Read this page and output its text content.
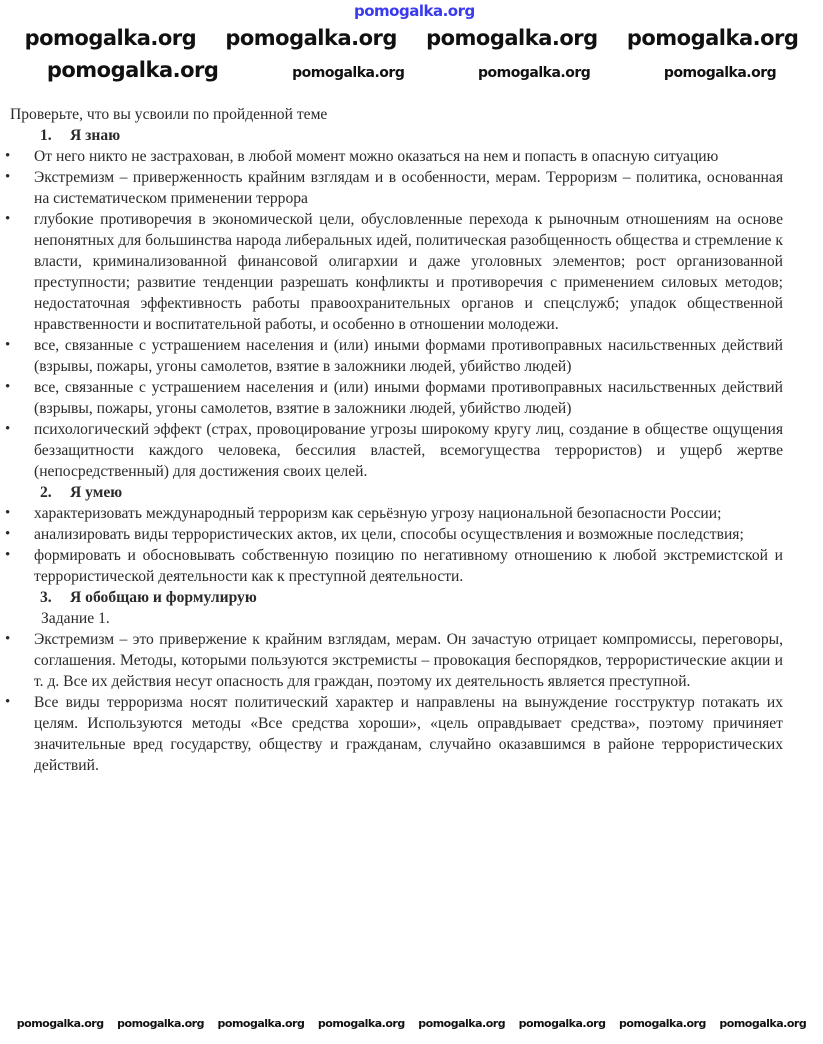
pomogalka.org
pomogalka.org pomogalka.org pomogalka.org pomogalka.org
pomogalka.org	pomogalka.org	pomogalka.org	pomogalka.org
Проверьте, что вы усвоили по пройденной теме
1. Я знаю
• От него никто не застрахован, в любой момент можно оказаться на нем и попасть в опасную ситуацию
• Экстремизм – приверженность крайним взглядам и в особенности, мерам. Терроризм – политика, основанная на систематическом применении террора
• глубокие противоречия в экономической цели, обусловленные перехода к рыночным отношениям на основе непонятных для большинства народа либеральных идей, политическая разобщенность общества и стремление к власти, криминализованной финансовой олигархии и даже уголовных элементов; рост организованной преступности; развитие тенденции разрешать конфликты и противоречия с применением силовых методов; недостаточная эффективность работы правоохранительных органов и спецслужб; упадок общественной нравственности и воспитательной работы, и особенно в отношении молодежи.
• все, связанные с устрашением населения и (или) иными формами противоправных насильственных действий (взрывы, пожары, угоны самолетов, взятие в заложники людей, убийство людей)
• все, связанные с устрашением населения и (или) иными формами противоправных насильственных действий (взрывы, пожары, угоны самолетов, взятие в заложники людей, убийство людей)
• психологический эффект (страх, провоцирование угрозы широкому кругу лиц, создание в обществе ощущения беззащитности каждого человека, бессилия властей, всемогущества террористов) и ущерб жертве (непосредственный) для достижения своих целей.
2. Я умею
• характеризовать международный терроризм как серьёзную угрозу национальной безопасности России;
• анализировать виды террористических актов, их цели, способы осуществления и возможные последствия;
• формировать и обосновывать собственную позицию по негативному отношению к любой экстремистской и террористической деятельности как к преступной деятельности.
3. Я обобщаю и формулирую
Задание 1.
• Экстремизм – это привержение к крайним взглядам, мерам. Он зачастую отрицает компромиссы, переговоры, соглашения. Методы, которыми пользуются экстремисты – провокация беспорядков, террористические акции и т. д. Все их действия несут опасность для граждан, поэтому их деятельность является преступной.
• Все виды терроризма носят политический характер и направлены на вынуждение госструктур потакать их целям. Используются методы «Все средства хороши», «цель оправдывает средства», поэтому причиняет значительные вред государству, обществу и гражданам, случайно оказавшимся в районе террористических действий.
pomogalka.org pomogalka.org pomogalka.org pomogalka.org pomogalka.org pomogalka.org pomogalka.org pomogalka.org
